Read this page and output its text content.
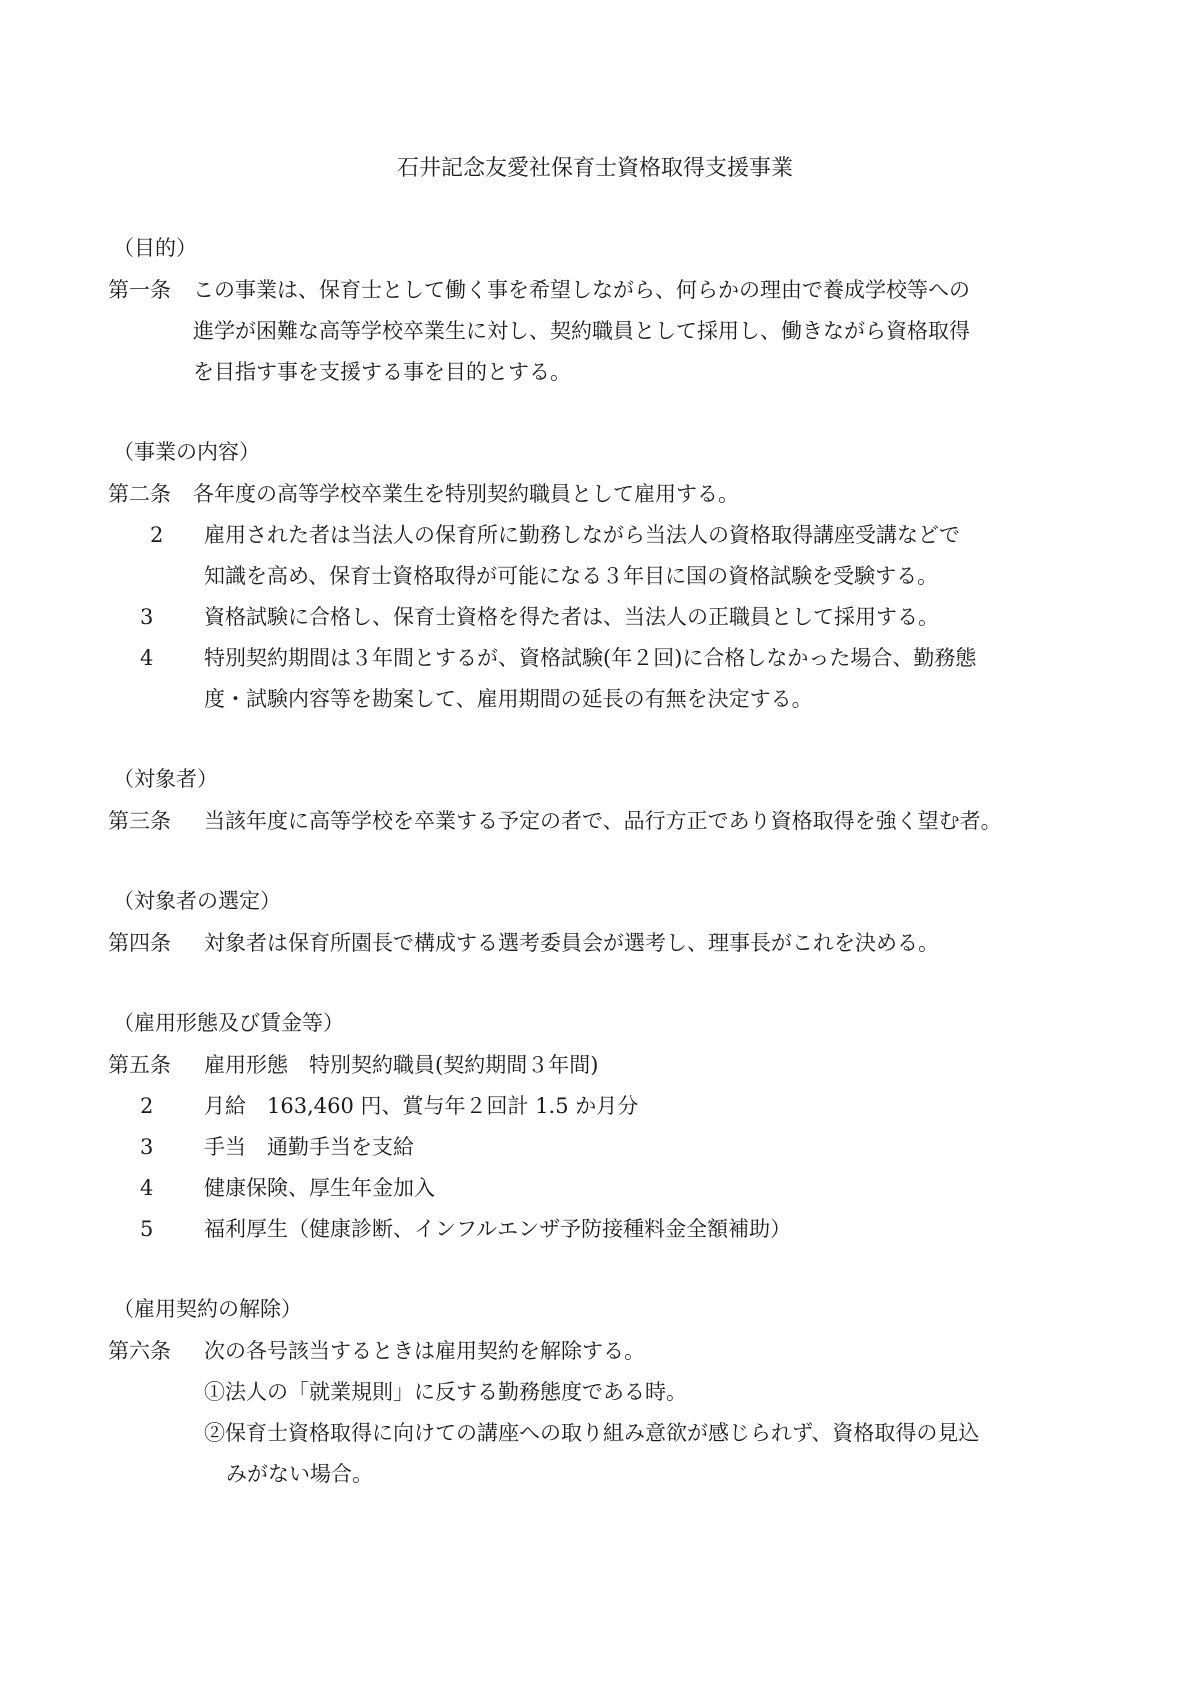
石井記念友愛社保育士資格取得支援事業
（目的）
第一条 この事業は、保育士として働く事を希望しながら、何らかの理由で養成学校等への
進学が困難な高等学校卒業生に対し、契約職員として採用し、働きながら資格取得
を目指す事を支援する事を目的とする。
（事業の内容）
第二条 各年度の高等学校卒業生を特別契約職員として雇用する。
2 雇用された者は当法人の保育所に勤務しながら当法人の資格取得講座受講などで
知識を高め、保育士資格取得が可能になる３年目に国の資格試験を受験する。
3 資格試験に合格し、保育士資格を得た者は、当法人の正職員として採用する。
4 特別契約期間は３年間とするが、資格試験(年２回)に合格しなかった場合、勤務態
度・試験内容等を勘案して、雇用期間の延長の有無を決定する。
（対象者）
第三条 当該年度に高等学校を卒業する予定の者で、品行方正であり資格取得を強く望む者。
（対象者の選定）
第四条 対象者は保育所園長で構成する選考委員会が選考し、理事長がこれを決める。
（雇用形態及び賃金等）
第五条 雇用形態　特別契約職員(契約期間３年間)
2 月給　163,460 円、賞与年２回計 1.5 か月分
3 手当　通勤手当を支給
4 健康保険、厚生年金加入
5 福利厚生（健康診断、インフルエンザ予防接種料金全額補助）
（雇用契約の解除）
第六条 次の各号該当するときは雇用契約を解除する。
①法人の「就業規則」に反する勤務態度である時。
②保育士資格取得に向けての講座への取り組み意欲が感じられず、資格取得の見込
みがない場合。
